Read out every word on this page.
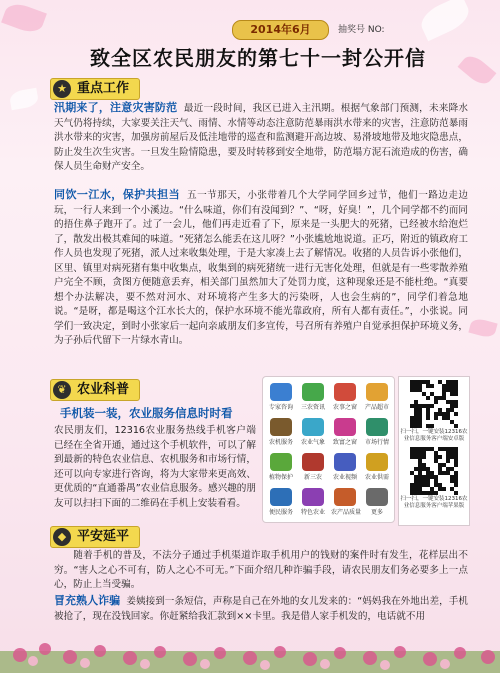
2014年6月	抽奖号 NO:
致全区农民朋友的第七十一封公开信
★ 重点工作
汛期来了，注意灾害防范 最近一段时间，我区已进入主汛期。根据气象部门预测，未来降水天气仍将持续，大家要关注天气、雨情、水情等动态注意防范暴雨洪水带来的灾害，注意防范暴雨洪水带来的灾害，加强房前屋后及低洼地带的巡查和监测避开高边坡、易滑坡地带及地灾隐患点，防止发生次生灾害。一旦发生险情隐患，要及时转移到安全地带，防范塌方泥石流造成的伤害，确保人员生命财产安全。
同饮一江水，保护共担当 五一节那天，小张带着几个大学同学回乡过节，他们一路边走边玩，一行人来到一个小溪边。“什么味道，你们有没闻到？”、“呀，好臭！”，几个同学都不约而同的捂住鼻子跑开了。过了一会儿，他们再走近看了下，原来是一头肥大的死猪，已经被水给泡烂了，散发出极其难闻的味道。“死猪怎么能丢在这儿呀？”小张尴尬地说道。正巧，附近的镇政府工作人员也发现了死猪，派人过来收集处理，于是大家凑上去了解情况。收猪的人员告诉小张他们，区里、镇里对病死猪有集中收集点，收集到的病死猪统一进行无害化处理，但就是有一些零散养殖户完全不顾，贪图方便随意丢弃，相关部门虽然加大了处罚力度，这种现象还是不能杜绝。“真要想个办法解决，要不然对河水、对环境将产生多大的污染呀，人也会生病的”，同学们着急地说。“是呀，都是喝这个江水长大的，保护水环境不能光靠政府，所有人都有责任。”，小张说。同学们一致决定，到时小张家后一起向亲戚朋友们多宣传，号召所有养殖户自觉承担保护环境义务，为子孙后代留下一片绿水青山。
❦ 农业科普
手机装一装，农业服务信息时时看
农民朋友们，12316农业服务热线手机客户端已经在全省开通，通过这个手机软件，可以了解到最新的特色农业信息、农机服务和市场行情，还可以向专家进行咨询，将为大家带来更高效、更优质的“直通番禺”农业信息服务。感兴趣的朋友可以扫扫下面的二维码在手机上安装看看。
专家咨询	三农资讯	农事之窗	产品超市
农机服务	农业气象	致富之窗	市场行情
植物保护	新三农	农业视频	农业供需
便民服务	特色农业	农产品质量	更多
扫一扫，一键安装12316农业信息服务客户端安卓版
扫一扫，一键安装12316农业信息服务客户端苹果版
◆ 平安延平
随着手机的普及，不法分子通过手机渠道诈取手机用户的钱财的案件时有发生，花样层出不穷。“害人之心不可有，防人之心不可无。”下面介绍几种诈骗手段，请农民朋友们务必要多上一点心，防止上当受骗。
冒充熟人诈骗 姜姨接到一条短信，声称是自己在外地的女儿发来的：“妈妈我在外地出差，手机被抢了，现在没钱回家。你赶紧给我汇款到××卡里。我是借人家手机发的，电话就不用
